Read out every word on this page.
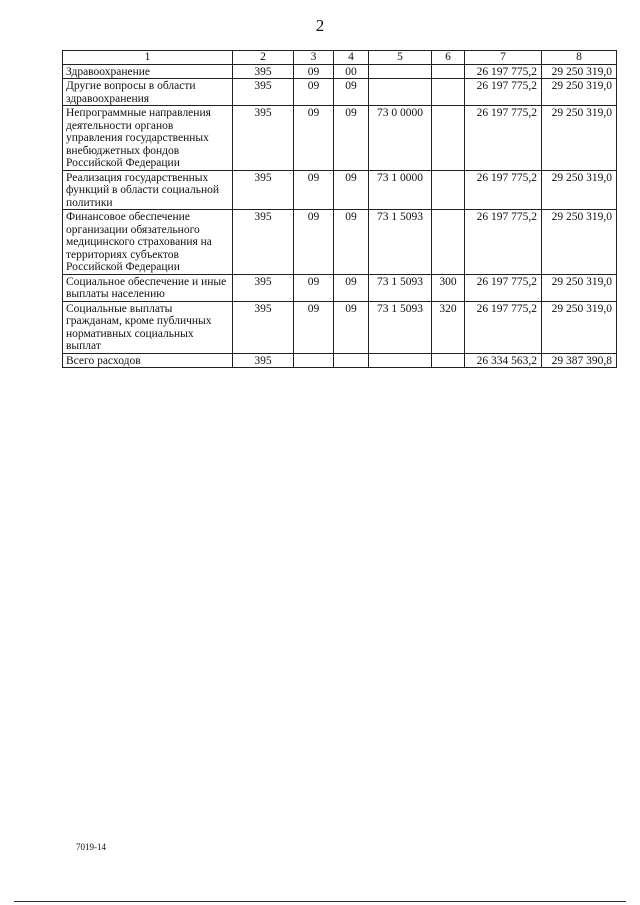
2
1	2	3	4	5	6	7	8
Здравоохранение	395	09	00			26 197 775,2	29 250 319,0
Другие вопросы в области здравоохранения	395	09	09			26 197 775,2	29 250 319,0
Непрограммные направления деятельности органов управления государственных внебюджетных фондов Российской Федерации	395	09	09	73 0 0000		26 197 775,2	29 250 319,0
Реализация государственных функций в области социальной политики	395	09	09	73 1 0000		26 197 775,2	29 250 319,0
Финансовое обеспечение организации обязательного медицинского страхования на территориях субъектов Российской Федерации	395	09	09	73 1 5093		26 197 775,2	29 250 319,0
Социальное обеспечение и иные выплаты населению	395	09	09	73 1 5093	300	26 197 775,2	29 250 319,0
Социальные выплаты гражданам, кроме публичных нормативных социальных выплат	395	09	09	73 1 5093	320	26 197 775,2	29 250 319,0
Всего расходов	395					26 334 563,2	29 387 390,8
7019-14
